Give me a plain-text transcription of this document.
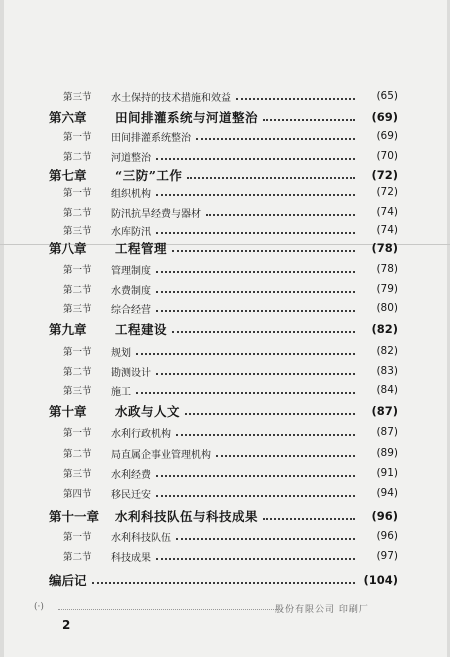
第三节	水土保持的技术措施和效益	(65)
第六章	田间排灌系统与河道整治	(69)
第一节	田间排灌系统整治	(69)
第二节	河道整治	(70)
第七章	“三防”工作	(72)
第一节	组织机构	(72)
第二节	防汛抗旱经费与器材	(74)
第三节	水库防汛	(74)
第八章	工程管理	(78)
第一节	管理制度	(78)
第二节	水费制度	(79)
第三节	综合经营	(80)
第九章	工程建设	(82)
第一节	规划	(82)
第二节	勘测设计	(83)
第三节	施工	(84)
第十章	水政与人文	(87)
第一节	水利行政机构	(87)
第二节	局直属企事业管理机构	(89)
第三节	水利经费	(91)
第四节	移民迁安	(94)
第十一章	水利科技队伍与科技成果	(96)
第一节	水利科技队伍	(96)
第二节	科技成果	(97)
编后记	(104)
(·)	股份有限公司 印刷厂
2
